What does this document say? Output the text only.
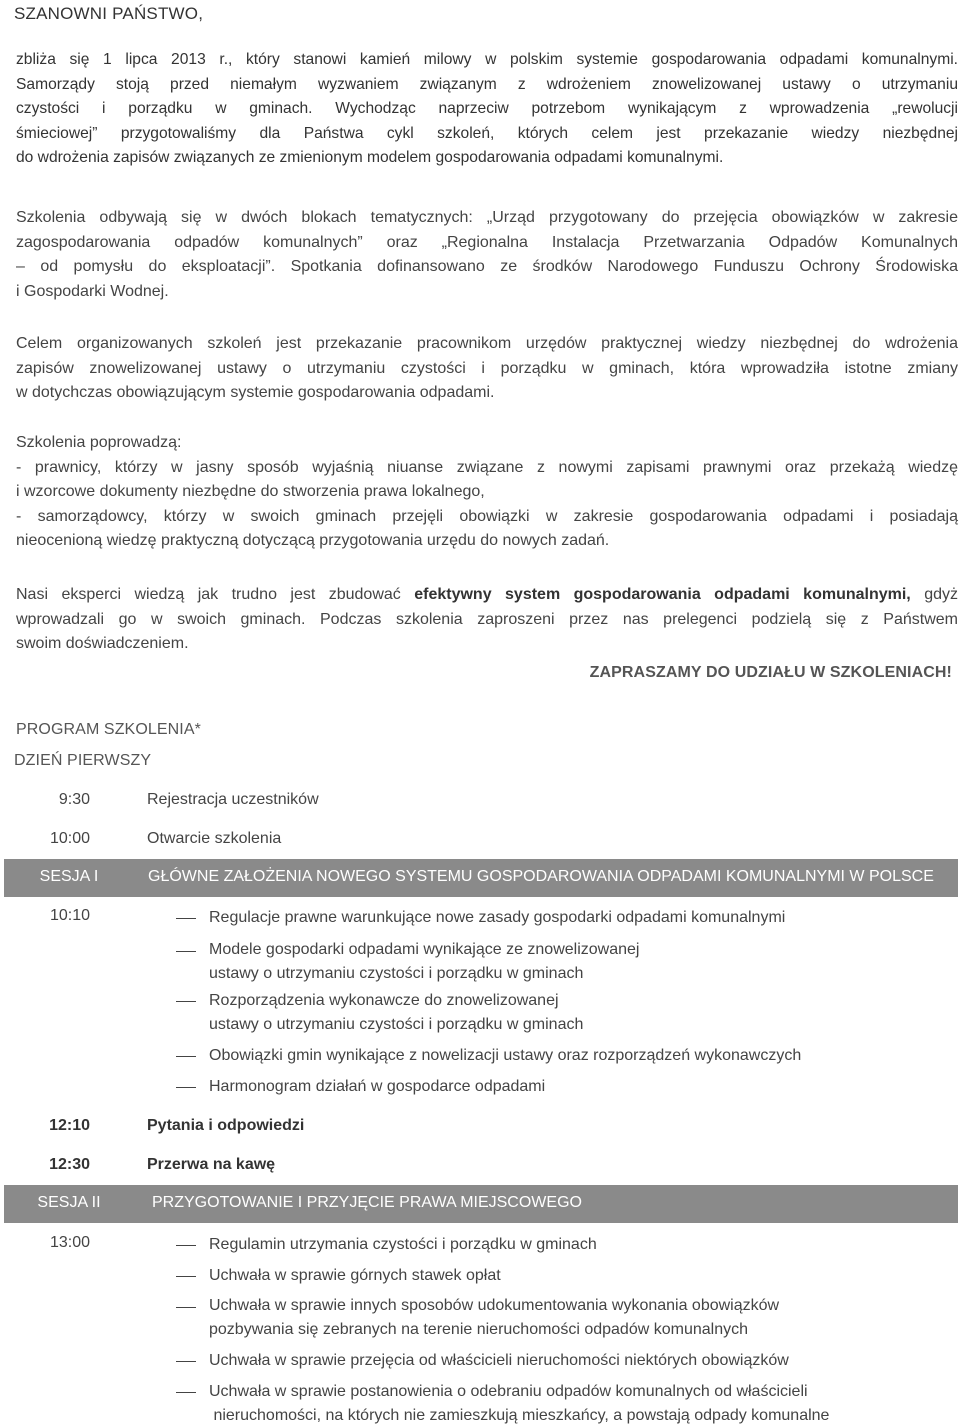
SZANOWNI PAŃSTWO,
zbliża się 1 lipca 2013 r., który stanowi kamień milowy w polskim systemie gospodarowania odpadami komunalnymi.
Samorządy stoją przed niemałym wyzwaniem związanym z wdrożeniem znowelizowanej ustawy o utrzymaniu
czystości i porządku w gminach. Wychodząc naprzeciw potrzebom wynikającym z wprowadzenia „rewolucji
śmieciowej” przygotowaliśmy dla Państwa cykl szkoleń, których celem jest przekazanie wiedzy niezbędnej
do wdrożenia zapisów związanych ze zmienionym modelem gospodarowania odpadami komunalnymi.
Szkolenia odbywają się w dwóch blokach tematycznych: „Urząd przygotowany do przejęcia obowiązków w zakresie
zagospodarowania odpadów komunalnych” oraz „Regionalna Instalacja Przetwarzania Odpadów Komunalnych
– od pomysłu do eksploatacji”. Spotkania dofinansowano ze środków Narodowego Funduszu Ochrony Środowiska
i Gospodarki Wodnej.
Celem organizowanych szkoleń jest przekazanie pracownikom urzędów praktycznej wiedzy niezbędnej do wdrożenia
zapisów znowelizowanej ustawy o utrzymaniu czystości i porządku w gminach, która wprowadziła istotne zmiany
w dotychczas obowiązującym systemie gospodarowania odpadami.
Szkolenia poprowadzą:
- prawnicy, którzy w jasny sposób wyjaśnią niuanse związane z nowymi zapisami prawnymi oraz przekażą wiedzę
i wzorcowe dokumenty niezbędne do stworzenia prawa lokalnego,
- samorządowcy, którzy w swoich gminach przejęli obowiązki w zakresie gospodarowania odpadami i posiadają
nieocenioną wiedzę praktyczną dotyczącą przygotowania urzędu do nowych zadań.
Nasi eksperci wiedzą jak trudno jest zbudować efektywny system gospodarowania odpadami komunalnymi, gdyż
wprowadzali go w swoich gminach. Podczas szkolenia zaproszeni przez nas prelegenci podzielą się z Państwem
swoim doświadczeniem.
ZAPRASZAMY DO UDZIAŁU W SZKOLENIACH!
PROGRAM SZKOLENIA*
DZIEŃ PIERWSZY
9:30	Rejestracja uczestników
10:00	Otwarcie szkolenia
SESJA I	GŁÓWNE ZAŁOŻENIA NOWEGO SYSTEMU GOSPODAROWANIA ODPADAMI KOMUNALNYMI W POLSCE
10:10	Regulacje prawne warunkujące nowe zasady gospodarki odpadami komunalnymi
Modele gospodarki odpadami wynikające ze znowelizowanej
ustawy o utrzymaniu czystości i porządku w gminach
Rozporządzenia wykonawcze do znowelizowanej
ustawy o utrzymaniu czystości i porządku w gminach
Obowiązki gmin wynikające z nowelizacji ustawy oraz rozporządzeń wykonawczych
Harmonogram działań w gospodarce odpadami
12:10	Pytania i odpowiedzi
12:30	Przerwa na kawę
SESJA II	PRZYGOTOWANIE I PRZYJĘCIE PRAWA MIEJSCOWEGO
13:00	Regulamin utrzymania czystości i porządku w gminach
Uchwała w sprawie górnych stawek opłat
Uchwała w sprawie innych sposobów udokumentowania wykonania obowiązków
pozbywania się zebranych na terenie nieruchomości odpadów komunalnych
Uchwała w sprawie przejęcia od właścicieli nieruchomości niektórych obowiązków
Uchwała w sprawie postanowienia o odebraniu odpadów komunalnych od właścicieli
nieruchomości, na których nie zamieszkują mieszkańcy, a powstają odpady komunalne
